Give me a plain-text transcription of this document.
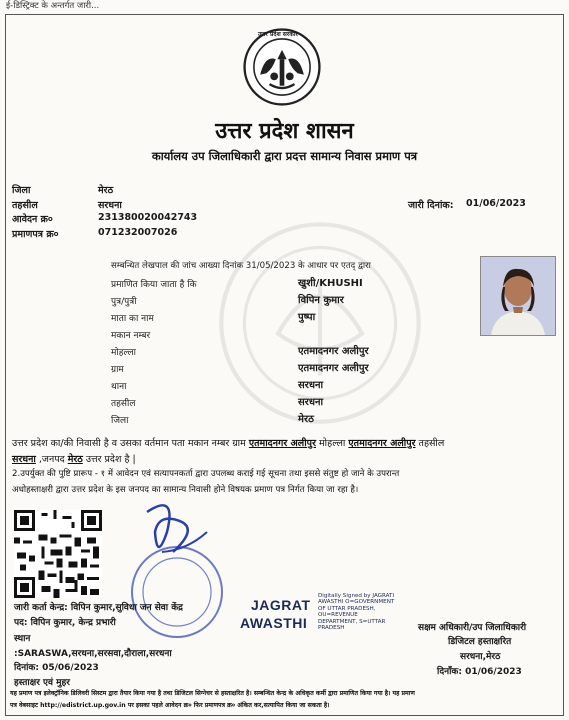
ई-डिस्ट्रिक्ट के अन्तर्गत जारी...
उत्तर प्रदेश सरकार
उत्तर प्रदेश शासन
कार्यालय उप जिलाधिकारी द्वारा प्रदत्त सामान्य निवास प्रमाण पत्र
जिला	मेरठ
तहसील	सरधना
आवेदन क्र०	231380020042743
प्रमाणपत्र क्र०	071232007026
जारी दिनांक: 01/06/2023
सम्बन्धित लेखपाल की जांच आख्या दिनांक 31/05/2023 के आधार पर एतद् द्वारा
प्रमाणित किया जाता है कि	खुशी/KHUSHI
पुत्र/पुत्री	विपिन कुमार
माता का नाम	पुष्पा
मकान नम्बर
मोहल्ला	एतमादनगर अलीपुर
ग्राम	एतमादनगर अलीपुर
थाना	सरधना
तहसील	सरधना
जिला	मेरठ
उत्तर प्रदेश का/की निवासी है व उसका वर्तमान पता मकान नम्बर ग्राम एतमादनगर अलीपुर मोहल्ला एतमादनगर अलीपुर तहसील
सरधना ,जनपद मेरठ उत्तर प्रदेश है |
2.उपर्युक्त की पुष्टि प्रारूप - १ में आवेदन एवं सत्यापनकर्ता द्वारा उपलब्ध कराई गई सूचना तथा इससे संतुष्ट हो जाने के उपरान्त
अधोहस्ताक्षरी द्वारा उत्तर प्रदेश के इस जनपद का सामान्य निवासी होने विषयक प्रमाण पत्र निर्गत किया जा रहा है।
जारी कर्ता केन्द्र: विपिन कुमार,सुविधा जन सेवा केंद्र
पद: विपिन कुमार, केन्द्र प्रभारी
स्थान
:SARASWA,सरधना,सरसवा,दौराला,सरधना
दिनांक: 05/06/2023
हस्ताक्षर एवं मुहर
JAGRAT
AWASTHI
Digitally Signed by JAGRATI
AWASTHI O=GOVERNMENT
OF UTTAR PRADESH,
OU=REVENUE
DEPARTMENT, S=UTTAR
PRADESH	सक्षम अधिकारी/उप जिलाधिकारी
डिजिटल हस्ताक्षरित
सरधना,मेरठ
दिनाँक: 01/06/2023
यह प्रमाण पत्र इलेक्ट्रॉनिक डिलिवरी सिस्टम द्वारा तैयार किया गया है तथा डिजिटल सिग्नेचर से हस्ताक्षरित है। सम्बन्धित केन्द्र के अधिकृत कर्मी द्वारा प्रमाणित किया गया है। यह प्रमाण
पत्र वेबसाइट http://edistrict.up.gov.in पर इसका पहले आवेदन क्र० फिर प्रमाणपत्र क्र० अंकित कर,सत्यापित किया जा सकता है।
